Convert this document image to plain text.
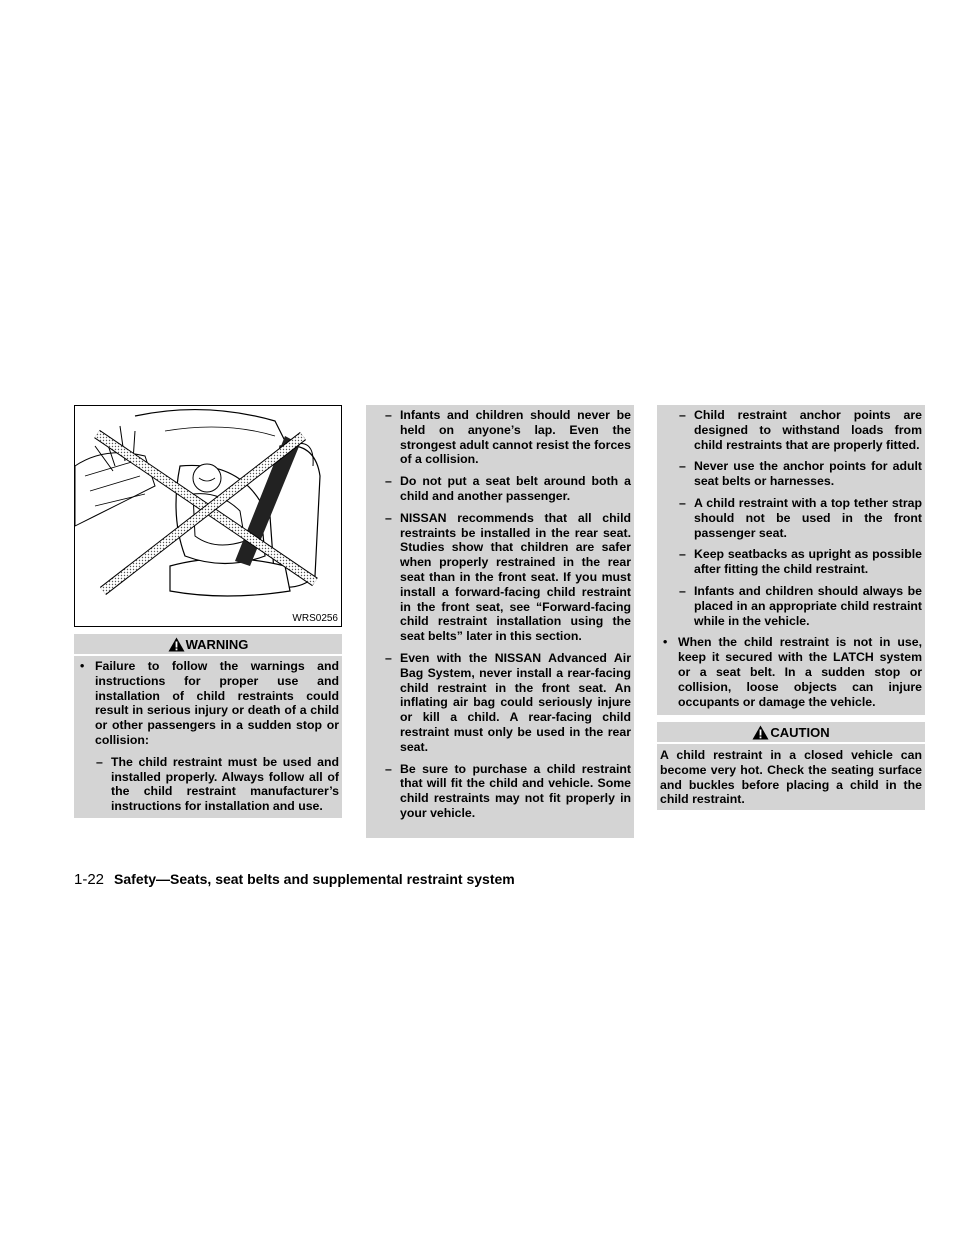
WRS0256
WARNING

• Failure to follow the warnings and instructions for proper use and installation of child restraints could result in serious injury or death of a child or other passengers in a sudden stop or collision:

– The child restraint must be used and installed properly. Always follow all of the child restraint manufacturer’s instructions for installation and use.
– Infants and children should never be held on anyone’s lap. Even the strongest adult cannot resist the forces of a collision.
– Do not put a seat belt around both a child and another passenger.
– NISSAN recommends that all child restraints be installed in the rear seat. Studies show that children are safer when properly restrained in the rear seat than in the front seat. If you must install a forward-facing child restraint in the front seat, see “Forward-facing child restraint installation using the seat belts” later in this section.
– Even with the NISSAN Advanced Air Bag System, never install a rear-facing child restraint in the front seat. An inflating air bag could seriously injure or kill a child. A rear-facing child restraint must only be used in the rear seat.
– Be sure to purchase a child restraint that will fit the child and vehicle. Some child restraints may not fit properly in your vehicle.
– Child restraint anchor points are designed to withstand loads from child restraints that are properly fitted.
– Never use the anchor points for adult seat belts or harnesses.
– A child restraint with a top tether strap should not be used in the front passenger seat.
– Keep seatbacks as upright as possible after fitting the child restraint.
– Infants and children should always be placed in an appropriate child restraint while in the vehicle.

• When the child restraint is not in use, keep it secured with the LATCH system or a seat belt. In a sudden stop or collision, loose objects can injure occupants or damage the vehicle.

CAUTION

A child restraint in a closed vehicle can become very hot. Check the seating surface and buckles before placing a child in the child restraint.

1-22 Safety—Seats, seat belts and supplemental restraint system
